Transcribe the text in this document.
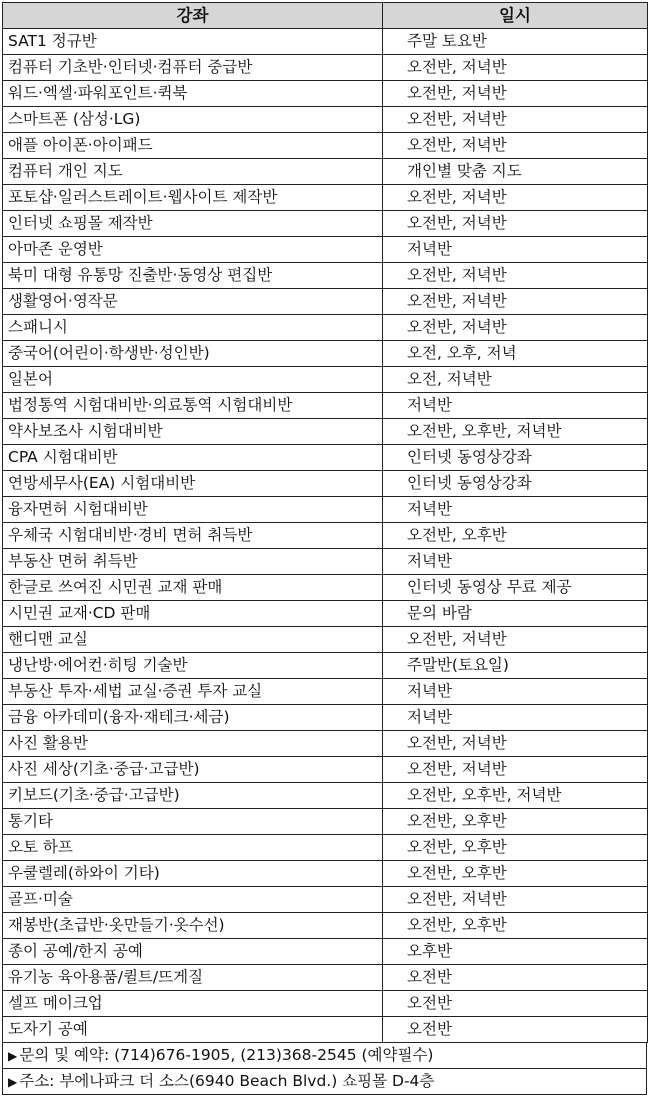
강좌	일시
SAT1 정규반	주말 토요반
컴퓨터 기초반·인터넷·컴퓨터 중급반	오전반, 저녁반
워드·엑셀·파워포인트·퀵북	오전반, 저녁반
스마트폰 (삼성·LG)	오전반, 저녁반
애플 아이폰·아이패드	오전반, 저녁반
컴퓨터 개인 지도	개인별 맞춤 지도
포토샵·일러스트레이트·웹사이트 제작반	오전반, 저녁반
인터넷 쇼핑몰 제작반	오전반, 저녁반
아마존 운영반	저녁반
북미 대형 유통망 진출반·동영상 편집반	오전반, 저녁반
생활영어·영작문	오전반, 저녁반
스패니시	오전반, 저녁반
중국어(어린이·학생반·성인반)	오전, 오후, 저녁
일본어	오전, 저녁반
법정통역 시험대비반·의료통역 시험대비반	저녁반
약사보조사 시험대비반	오전반, 오후반, 저녁반
CPA 시험대비반	인터넷 동영상강좌
연방세무사(EA) 시험대비반	인터넷 동영상강좌
융자면허 시험대비반	저녁반
우체국 시험대비반·경비 면허 취득반	오전반, 오후반
부동산 면허 취득반	저녁반
한글로 쓰여진 시민권 교재 판매	인터넷 동영상 무료 제공
시민권 교재·CD 판매	문의 바람
핸디맨 교실	오전반, 저녁반
냉난방·에어컨·히팅 기술반	주말반(토요일)
부동산 투자·세법 교실·증권 투자 교실	저녁반
금융 아카데미(융자·재테크·세금)	저녁반
사진 활용반	오전반, 저녁반
사진 세상(기초·중급·고급반)	오전반, 저녁반
키보드(기초·중급·고급반)	오전반, 오후반, 저녁반
통기타	오전반, 오후반
오토 하프	오전반, 오후반
우쿨렐레(하와이 기타)	오전반, 오후반
골프·미술	오전반, 저녁반
재봉반(초급반·옷만들기·옷수선)	오전반, 오후반
종이 공예/한지 공예	오후반
유기농 육아용품/퀼트/뜨게질	오전반
셀프 메이크업	오전반
도자기 공예	오전반
▶ 문의 및 예약: (714)676-1905, (213)368-2545 (예약필수)
▶ 주소: 부에나파크 더 소스(6940 Beach Blvd.) 쇼핑몰 D-4층
